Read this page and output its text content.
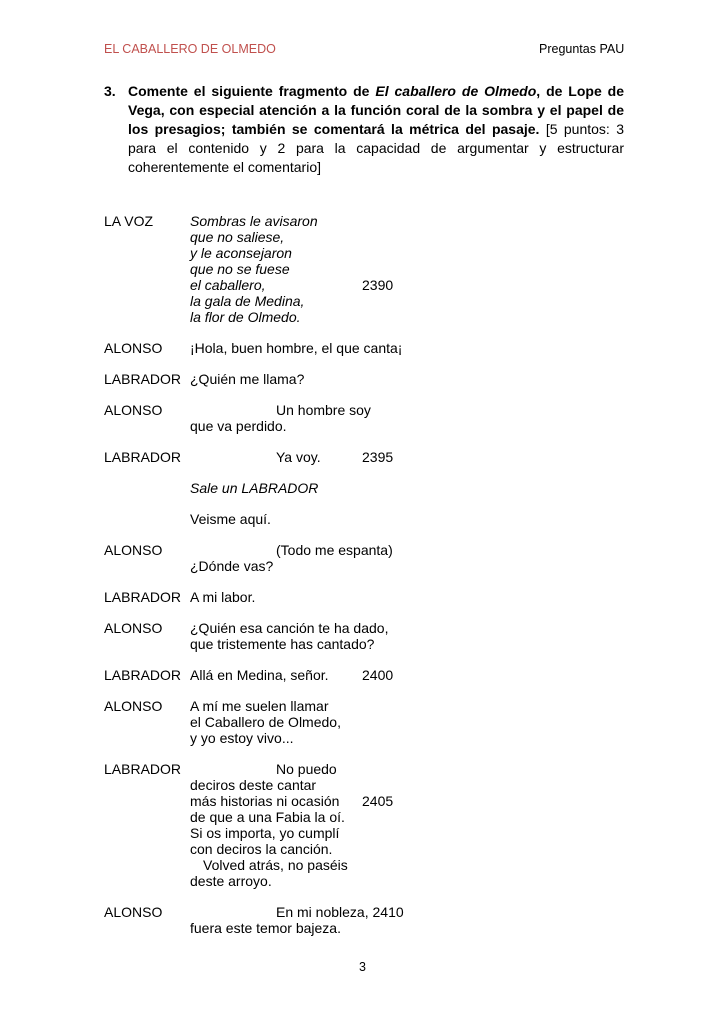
EL CABALLERO DE OLMEDO	Preguntas PAU
3. Comente el siguiente fragmento de El caballero de Olmedo, de Lope de Vega, con especial atención a la función coral de la sombra y el papel de los presagios; también se comentará la métrica del pasaje. [5 puntos: 3 para el contenido y 2 para la capacidad de argumentar y estructurar coherentemente el comentario]
LA VOZ	Sombras le avisaron
que no saliese,
y le aconsejaron
que no se fuese
el caballero,	2390
la gala de Medina,
la flor de Olmedo.
ALONSO ¡Hola, buen hombre, el que canta¡
LABRADOR ¿Quién me llama?
ALONSO	Un hombre soy
que va perdido.
LABRADOR	Ya voy.	2395
Sale un LABRADOR
Veisme aquí.
ALONSO	(Todo me espanta)
¿Dónde vas?
LABRADOR A mi labor.
ALONSO ¿Quién esa canción te ha dado,
que tristemente has cantado?
LABRADOR Allá en Medina, señor. 2400
ALONSO A mí me suelen llamar
el Caballero de Olmedo,
y yo estoy vivo...
LABRADOR	No puedo
deciros deste cantar
más historias ni ocasión 2405
de que a una Fabia la oí.
Si os importa, yo cumplí
con deciros la canción.
Volved atrás, no paséis
deste arroyo.
ALONSO	En mi nobleza, 2410
fuera este temor bajeza.
3
